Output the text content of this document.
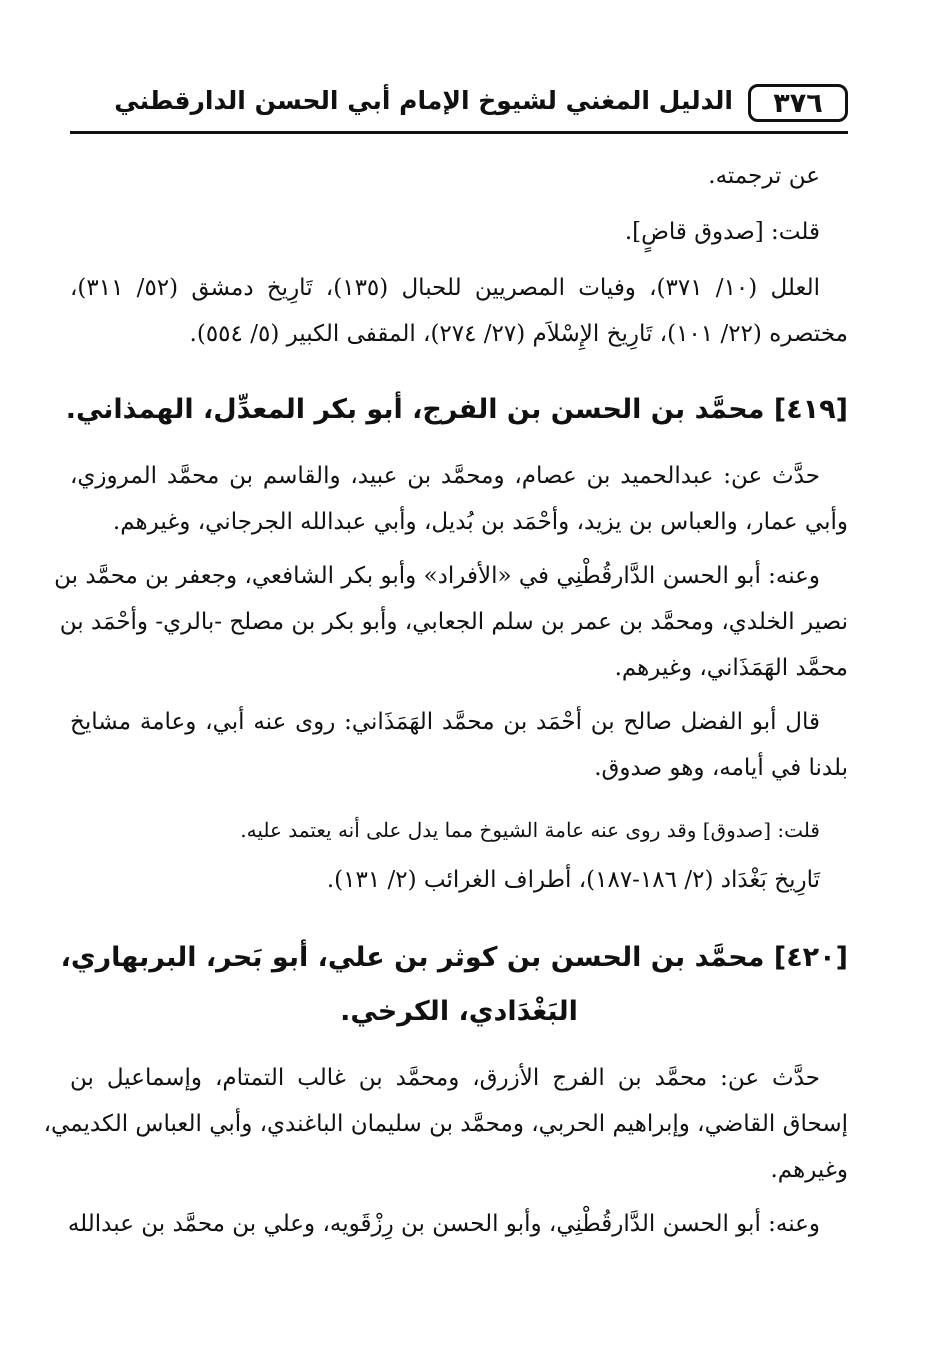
٣٧٦
الدليل المغني لشيوخ الإمام أبي الحسن الدارقطني
عن ترجمته.
قلت: [صدوق قاضٍ].
العلل (١٠/ ٣٧١)، وفيات المصريين للحبال (١٣٥)، تَارِيخ دمشق (٥٢/ ٣١١)،
مختصره (٢٢/ ١٠١)، تَارِيخ الإِسْلاَم (٢٧/ ٢٧٤)، المقفى الكبير (٥/ ٥٥٤).
[٤١٩] محمَّد بن الحسن بن الفرج، أبو بكر المعدِّل، الهمذاني.
حدَّث عن: عبدالحميد بن عصام، ومحمَّد بن عبيد، والقاسم بن محمَّد المروزي،
وأبي عمار، والعباس بن يزيد، وأحْمَد بن بُديل، وأبي عبدالله الجرجاني، وغيرهم.
وعنه: أبو الحسن الدَّارقُطْنِي في «الأفراد» وأبو بكر الشافعي، وجعفر بن محمَّد بن
نصير الخلدي، ومحمَّد بن عمر بن سلم الجعابي، وأبو بكر بن مصلح -بالري- وأحْمَد بن
محمَّد الهَمَذَاني، وغيرهم.
قال أبو الفضل صالح بن أحْمَد بن محمَّد الهَمَذَاني: روى عنه أبي، وعامة مشايخ
بلدنا في أيامه، وهو صدوق.
قلت: [صدوق] وقد روى عنه عامة الشيوخ مما يدل على أنه يعتمد عليه.
تَارِيخ بَغْدَاد (٢/ ١٨٦-١٨٧)، أطراف الغرائب (٢/ ١٣١).
[٤٢٠] محمَّد بن الحسن بن كوثر بن علي، أبو بَحر، البربهاري،
البَغْدَادي، الكرخي.
حدَّث عن: محمَّد بن الفرج الأزرق، ومحمَّد بن غالب التمتام، وإسماعيل بن
إسحاق القاضي، وإبراهيم الحربي، ومحمَّد بن سليمان الباغندي، وأبي العباس الكديمي،
وغيرهم.
وعنه: أبو الحسن الدَّارقُطْنِي، وأبو الحسن بن رِزْقَويه، وعلي بن محمَّد بن عبدالله
